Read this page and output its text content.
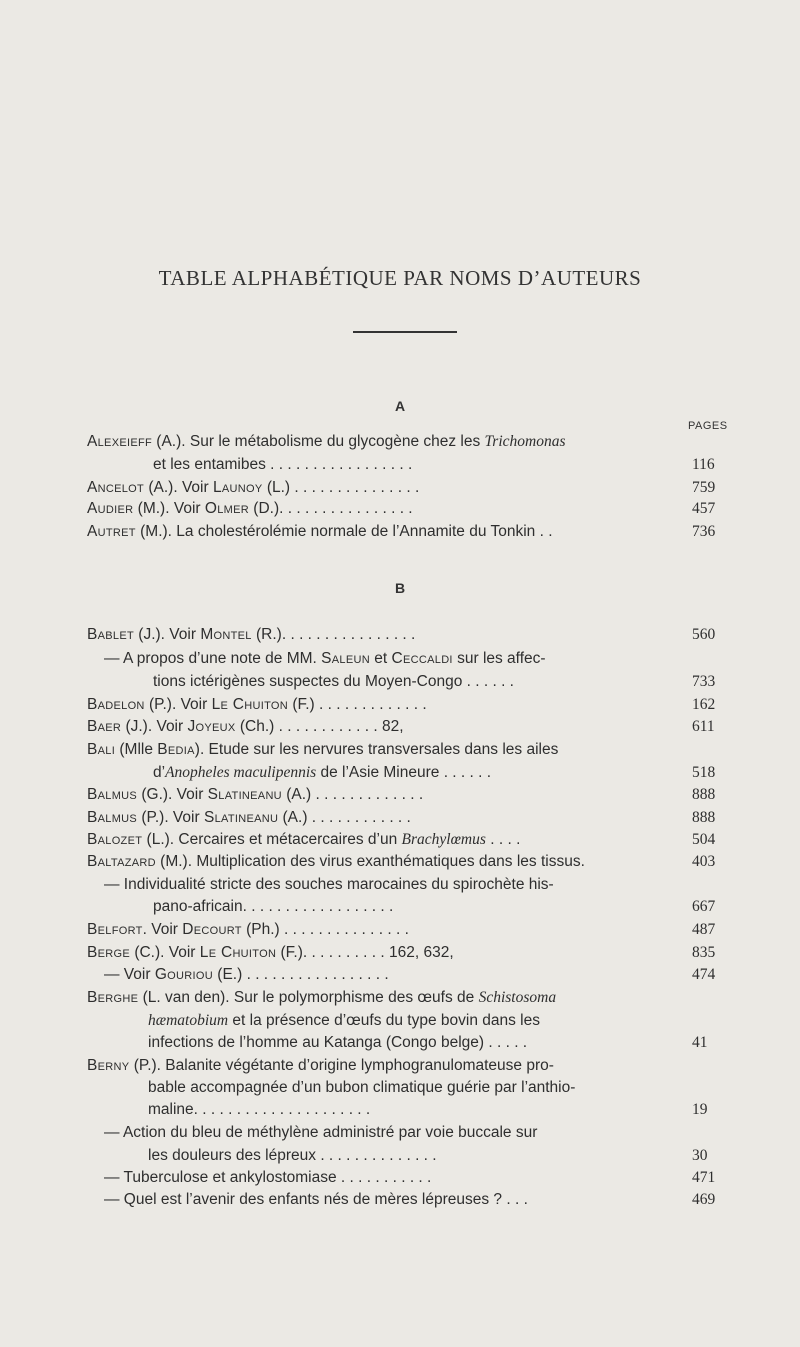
TABLE ALPHABÉTIQUE PAR NOMS D’AUTEURS
A
PAGES
B
Alexeieff (A.). Sur le métabolisme du glycogène chez les Trichomonas
et les entamibes . . . . . . . . . . . . . . . . .	116
Ancelot (A.). Voir Launoy (L.) . . . . . . . . . . . . . . .	759
Audier (M.). Voir Olmer (D.). . . . . . . . . . . . . . . .	457
Autret (M.). La cholestérolémie normale de l’Annamite du Tonkin . .	736
Bablet (J.). Voir Montel (R.). . . . . . . . . . . . . . . .	560
— A propos d’une note de MM. Saleun et Ceccaldi sur les affec-
tions ictérigènes suspectes du Moyen-Congo . . . . . .	733
Badelon (P.). Voir Le Chuiton (F.) . . . . . . . . . . . . .	162
Baer (J.). Voir Joyeux (Ch.) . . . . . . . . . . . . 82,	611
Bali (Mlle Bedia). Etude sur les nervures transversales dans les ailes
d’Anopheles maculipennis de l’Asie Mineure . . . . . .	518
Balmus (G.). Voir Slatineanu (A.) . . . . . . . . . . . . .	888
Balmus (P.). Voir Slatineanu (A.) . . . . . . . . . . . .	888
Balozet (L.). Cercaires et métacercaires d’un Brachylœmus . . . .	504
Baltazard (M.). Multiplication des virus exanthématiques dans les tissus.	403
— Individualité stricte des souches marocaines du spirochète his-
pano-africain. . . . . . . . . . . . . . . . . .	667
Belfort. Voir Decourt (Ph.) . . . . . . . . . . . . . . .	487
Berge (C.). Voir Le Chuiton (F.). . . . . . . . . . 162, 632,	835
— Voir Gouriou (E.) . . . . . . . . . . . . . . . . .	474
Berghe (L. van den). Sur le polymorphisme des œufs de Schistosoma
hæmatobium et la présence d’œufs du type bovin dans les
infections de l’homme au Katanga (Congo belge) . . . . .	41
Berny (P.). Balanite végétante d’origine lymphogranulomateuse pro-
bable accompagnée d’un bubon climatique guérie par l’anthio-
maline. . . . . . . . . . . . . . . . . . . . .	19
— Action du bleu de méthylène administré par voie buccale sur
les douleurs des lépreux . . . . . . . . . . . . . .	30
— Tuberculose et ankylostomiase . . . . . . . . . . .	471
— Quel est l’avenir des enfants nés de mères lépreuses ? . . .	469
